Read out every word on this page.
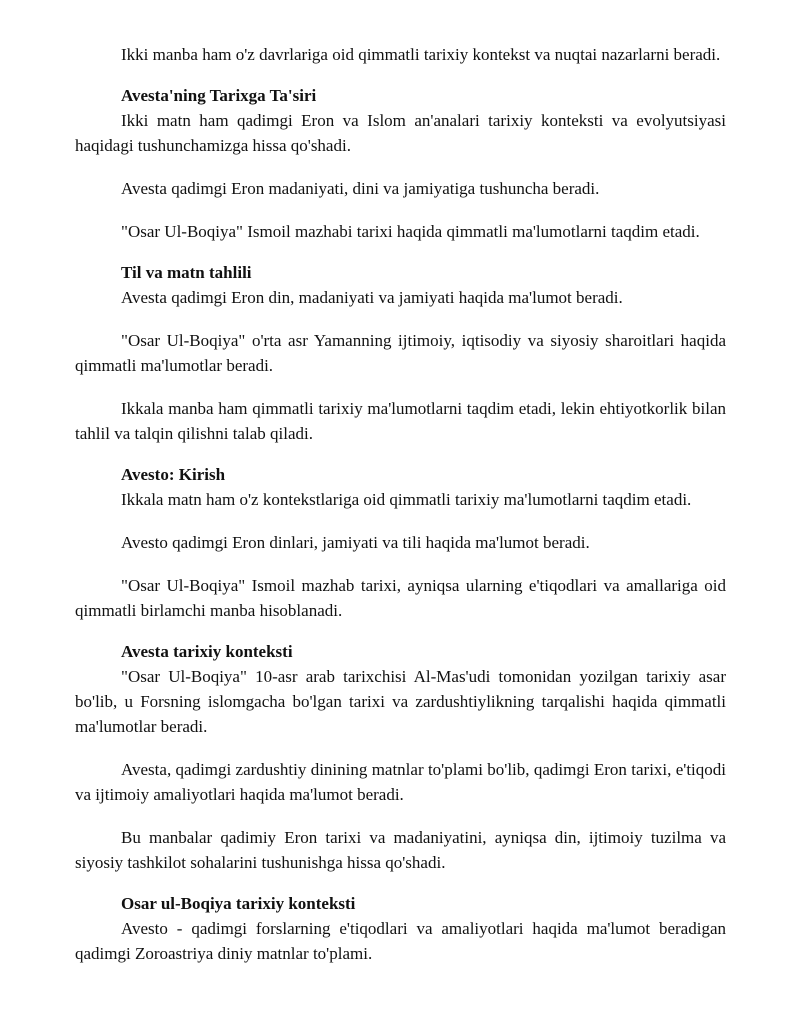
Ikki manba ham o'z davrlariga oid qimmatli tarixiy kontekst va nuqtai nazarlarni beradi.

Avesta'ning Tarixga Ta'siri

Ikki matn ham qadimgi Eron va Islom an'analari tarixiy konteksti va evolyutsiyasi haqidagi tushunchamizga hissa qo'shadi.

Avesta qadimgi Eron madaniyati, dini va jamiyatiga tushuncha beradi.

"Osar Ul-Boqiya" Ismoil mazhabi tarixi haqida qimmatli ma'lumotlarni taqdim etadi.

Til va matn tahlili

Avesta qadimgi Eron din, madaniyati va jamiyati haqida ma'lumot beradi.

"Osar Ul-Boqiya" o'rta asr Yamanning ijtimoiy, iqtisodiy va siyosiy sharoitlari haqida qimmatli ma'lumotlar beradi.

Ikkala manba ham qimmatli tarixiy ma'lumotlarni taqdim etadi, lekin ehtiyotkorlik bilan tahlil va talqin qilishni talab qiladi.

Avesto: Kirish

Ikkala matn ham o'z kontekstlariga oid qimmatli tarixiy ma'lumotlarni taqdim etadi.

Avesto qadimgi Eron dinlari, jamiyati va tili haqida ma'lumot beradi.

"Osar Ul-Boqiya" Ismoil mazhab tarixi, ayniqsa ularning e'tiqodlari va amallariga oid qimmatli birlamchi manba hisoblanadi.

Avesta tarixiy konteksti

"Osar Ul-Boqiya" 10-asr arab tarixchisi Al-Mas'udi tomonidan yozilgan tarixiy asar bo'lib, u Forsning islomgacha bo'lgan tarixi va zardushtiylikning tarqalishi haqida qimmatli ma'lumotlar beradi.

Avesta, qadimgi zardushtiy dinining matnlar to'plami bo'lib, qadimgi Eron tarixi, e'tiqodi va ijtimoiy amaliyotlari haqida ma'lumot beradi.

Bu manbalar qadimiy Eron tarixi va madaniyatini, ayniqsa din, ijtimoiy tuzilma va siyosiy tashkilot sohalarini tushunishga hissa qo'shadi.

Osar ul-Boqiya tarixiy konteksti

Avesto - qadimgi forslarning e'tiqodlari va amaliyotlari haqida ma'lumot beradigan qadimgi Zoroastriya diniy matnlar to'plami.
